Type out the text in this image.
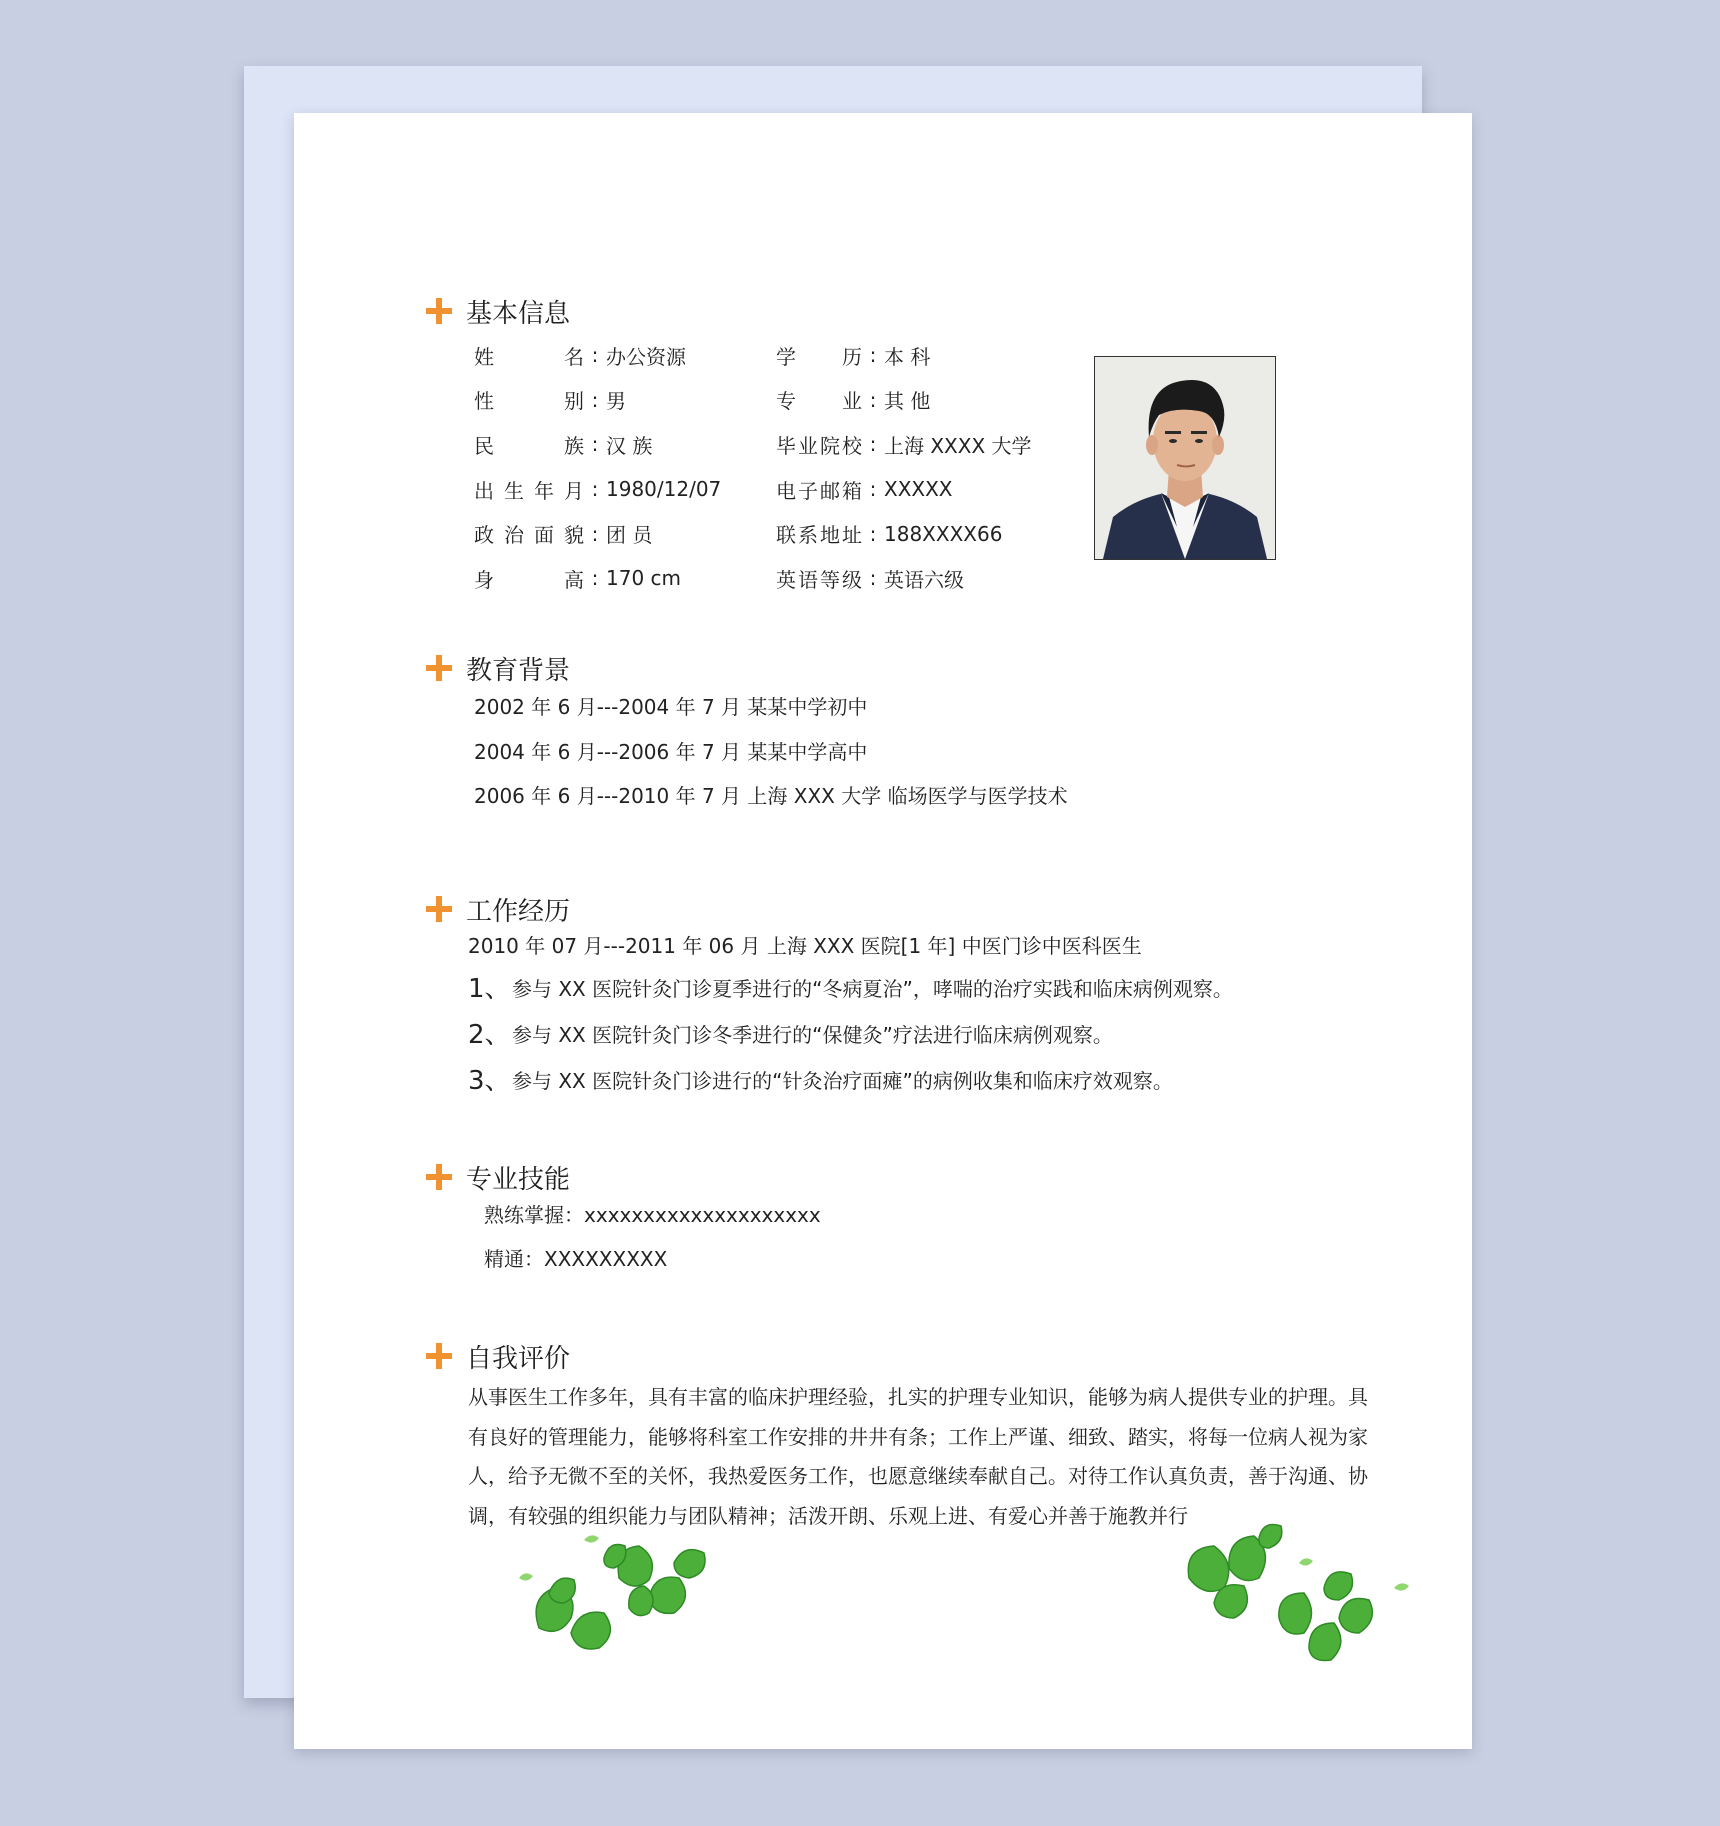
基本信息
姓名 : 办公资源	学历 : 本 科
性别 : 男	专业 : 其 他
民族 : 汉 族	毕业院校 : 上海 XXXX 大学
出生年月 : 1980/12/07	电子邮箱 : XXXXX
政治面貌 : 团 员	联系地址 : 188XXXX66
身高 : 170 cm	英语等级 : 英语六级
教育背景
2002 年 6 月---2004 年 7 月 某某中学初中
2004 年 6 月---2006 年 7 月 某某中学高中
2006 年 6 月---2010 年 7 月 上海 XXX 大学 临场医学与医学技术
工作经历
2010 年 07 月---2011 年 06 月 上海 XXX 医院[1 年] 中医门诊中医科医生
1、 参与 XX 医院针灸门诊夏季进行的“冬病夏治”，哮喘的治疗实践和临床病例观察。
2、 参与 XX 医院针灸门诊冬季进行的“保健灸”疗法进行临床病例观察。
3、 参与 XX 医院针灸门诊进行的“针灸治疗面瘫”的病例收集和临床疗效观察。
专业技能
熟练掌握：xxxxxxxxxxxxxxxxxxxx
精通：XXXXXXXXX
自我评价
从事医生工作多年，具有丰富的临床护理经验，扎实的护理专业知识，能够为病人提供专业的护理。具有良好的管理能力，能够将科室工作安排的井井有条；工作上严谨、细致、踏实，将每一位病人视为家人，给予无微不至的关怀，我热爱医务工作，也愿意继续奉献自己。对待工作认真负责，善于沟通、协调，有较强的组织能力与团队精神；活泼开朗、乐观上进、有爱心并善于施教并行
